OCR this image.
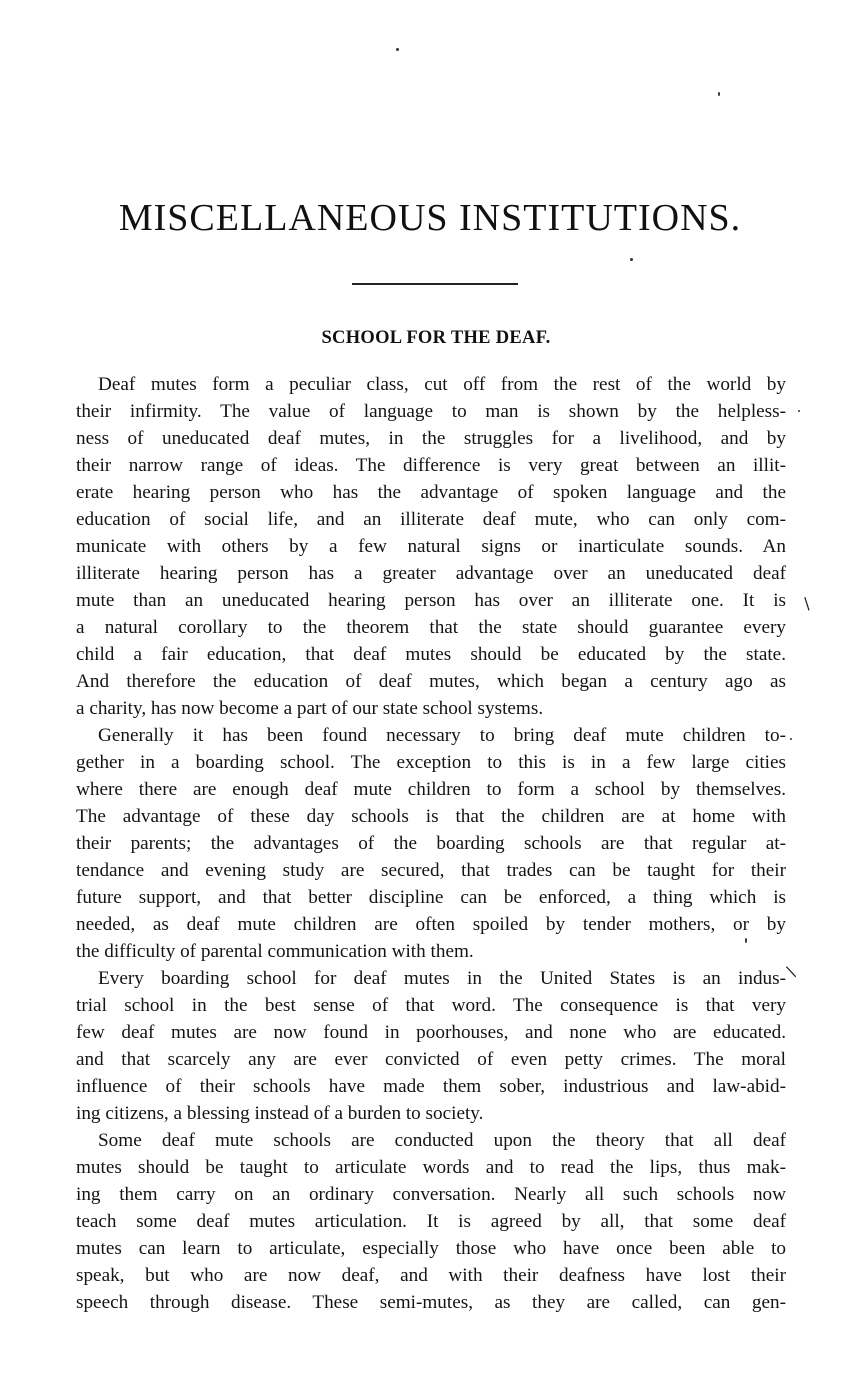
/
/
MISCELLANEOUS INSTITUTIONS.
SCHOOL FOR THE DEAF.
Deaf mutes form a peculiar class, cut off from the rest of the world by
their infirmity. The value of language to man is shown by the helpless-
ness of uneducated deaf mutes, in the struggles for a livelihood, and by
their narrow range of ideas. The difference is very great between an illit-
erate hearing person who has the advantage of spoken language and the
education of social life, and an illiterate deaf mute, who can only com-
municate with others by a few natural signs or inarticulate sounds. An
illiterate hearing person has a greater advantage over an uneducated deaf
mute than an uneducated hearing person has over an illiterate one. It is
a natural corollary to the theorem that the state should guarantee every
child a fair education, that deaf mutes should be educated by the state.
And therefore the education of deaf mutes, which began a century ago as
a charity, has now become a part of our state school systems.
Generally it has been found necessary to bring deaf mute children to-
gether in a boarding school. The exception to this is in a few large cities
where there are enough deaf mute children to form a school by themselves.
The advantage of these day schools is that the children are at home with
their parents; the advantages of the boarding schools are that regular at-
tendance and evening study are secured, that trades can be taught for their
future support, and that better discipline can be enforced, a thing which is
needed, as deaf mute children are often spoiled by tender mothers, or by
the difficulty of parental communication with them.
Every boarding school for deaf mutes in the United States is an indus-
trial school in the best sense of that word. The consequence is that very
few deaf mutes are now found in poorhouses, and none who are educated.
and that scarcely any are ever convicted of even petty crimes. The moral
influence of their schools have made them sober, industrious and law-abid-
ing citizens, a blessing instead of a burden to society.
Some deaf mute schools are conducted upon the theory that all deaf
mutes should be taught to articulate words and to read the lips, thus mak-
ing them carry on an ordinary conversation. Nearly all such schools now
teach some deaf mutes articulation. It is agreed by all, that some deaf
mutes can learn to articulate, especially those who have once been able to
speak, but who are now deaf, and with their deafness have lost their
speech through disease. These semi-mutes, as they are called, can gen-
